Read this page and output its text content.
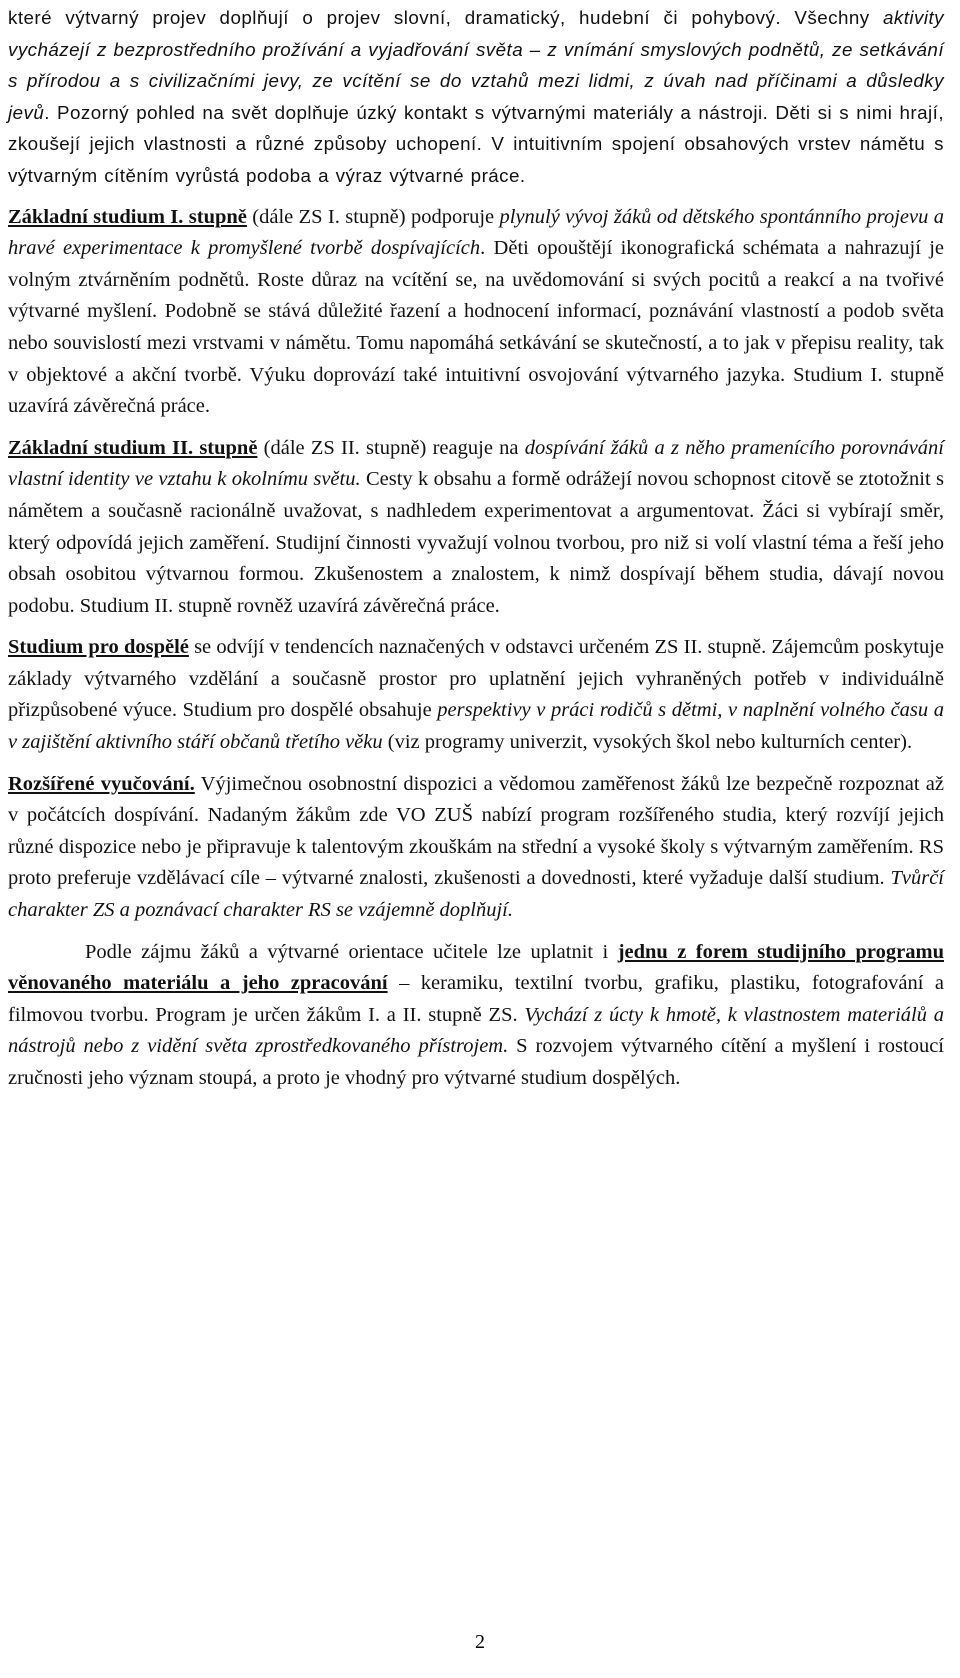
které výtvarný projev doplňují o projev slovní, dramatický, hudební či pohybový. Všechny aktivity vycházejí z bezprostředního prožívání a vyjadřování světa – z vnímání smyslových podnětů, ze setkávání s přírodou a s civilizačními jevy, ze vcítění se do vztahů mezi lidmi, z úvah nad příčinami a důsledky jevů. Pozorný pohled na svět doplňuje úzký kontakt s výtvarnými materiály a nástroji. Děti si s nimi hrají, zkoušejí jejich vlastnosti a různé způsoby uchopení. V intuitivním spojení obsahových vrstev námětu s výtvarným cítěním vyrůstá podoba a výraz výtvarné práce.

Základní studium I. stupně (dále ZS I. stupně) podporuje plynulý vývoj žáků od dětského spontánního projevu a hravé experimentace k promyšlené tvorbě dospívajících. Děti opouštějí ikonografická schémata a nahrazují je volným ztvárněním podnětů. Roste důraz na vcítění se, na uvědomování si svých pocitů a reakcí a na tvořivé výtvarné myšlení. Podobně se stává důležité řazení a hodnocení informací, poznávání vlastností a podob světa nebo souvislostí mezi vrstvami v námětu. Tomu napomáhá setkávání se skutečností, a to jak v přepisu reality, tak v objektové a akční tvorbě. Výuku doprovází také intuitivní osvojování výtvarného jazyka. Studium I. stupně uzavírá závěrečná práce.

Základní studium II. stupně (dále ZS II. stupně) reaguje na dospívání žáků a z něho pramenícího porovnávání vlastní identity ve vztahu k okolnímu světu. Cesty k obsahu a formě odrážejí novou schopnost citově se ztotožnit s námětem a současně racionálně uvažovat, s nadhledem experimentovat a argumentovat. Žáci si vybírají směr, který odpovídá jejich zaměření. Studijní činnosti vyvažují volnou tvorbou, pro niž si volí vlastní téma a řeší jeho obsah osobitou výtvarnou formou. Zkušenostem a znalostem, k nimž dospívají během studia, dávají novou podobu. Studium II. stupně rovněž uzavírá závěrečná práce.

Studium pro dospělé se odvíjí v tendencích naznačených v odstavci určeném ZS II. stupně. Zájemcům poskytuje základy výtvarného vzdělání a současně prostor pro uplatnění jejich vyhraněných potřeb v individuálně přizpůsobené výuce. Studium pro dospělé obsahuje perspektivy v práci rodičů s dětmi, v naplnění volného času a v zajištění aktivního stáří občanů třetího věku (viz programy univerzit, vysokých škol nebo kulturních center).

Rozšířené vyučování. Výjimečnou osobnostní dispozici a vědomou zaměřenost žáků lze bezpečně rozpoznat až v počátcích dospívání. Nadaným žákům zde VO ZUŠ nabízí program rozšířeného studia, který rozvíjí jejich různé dispozice nebo je připravuje k talentovým zkouškám na střední a vysoké školy s výtvarným zaměřením. RS proto preferuje vzdělávací cíle – výtvarné znalosti, zkušenosti a dovednosti, které vyžaduje další studium. Tvůrčí charakter ZS a poznávací charakter RS se vzájemně doplňují.

Podle zájmu žáků a výtvarné orientace učitele lze uplatnit i jednu z forem studijního programu věnovaného materiálu a jeho zpracování – keramiku, textilní tvorbu, grafiku, plastiku, fotografování a filmovou tvorbu. Program je určen žákům I. a II. stupně ZS. Vychází z úcty k hmotě, k vlastnostem materiálů a nástrojů nebo z vidění světa zprostředkovaného přístrojem. S rozvojem výtvarného cítění a myšlení i rostoucí zručnosti jeho význam stoupá, a proto je vhodný pro výtvarné studium dospělých.

2
